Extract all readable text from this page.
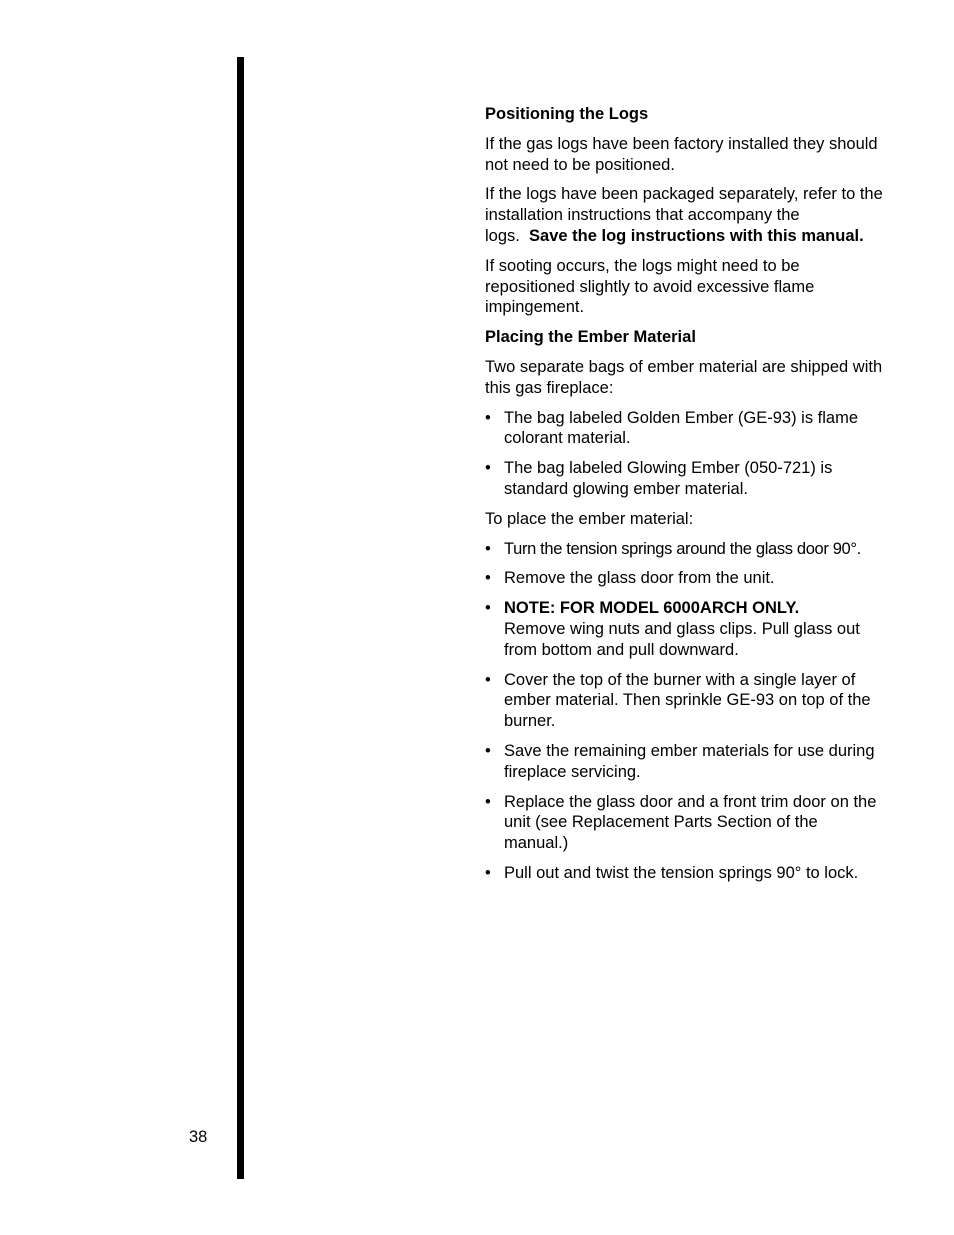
38

Positioning the Logs

If the gas logs have been factory installed they should not need to be positioned.

If the logs have been packaged separately, refer to the installation instructions that accompany the logs. Save the log instructions with this manual.

If sooting occurs, the logs might need to be repositioned slightly to avoid excessive flame impingement.

Placing the Ember Material

Two separate bags of ember material are shipped with this gas fireplace:

• The bag labeled Golden Ember (GE-93) is flame colorant material.
• The bag labeled Glowing Ember (050-721) is standard glowing ember material.

To place the ember material:

• Turn the tension springs around the glass door 90°.
• Remove the glass door from the unit.
• NOTE: FOR MODEL 6000ARCH ONLY.
Remove wing nuts and glass clips. Pull glass out from bottom and pull downward.
• Cover the top of the burner with a single layer of ember material. Then sprinkle GE-93 on top of the burner.
• Save the remaining ember materials for use during fireplace servicing.
• Replace the glass door and a front trim door on the unit (see Replacement Parts Section of the manual.)
• Pull out and twist the tension springs 90° to lock.
